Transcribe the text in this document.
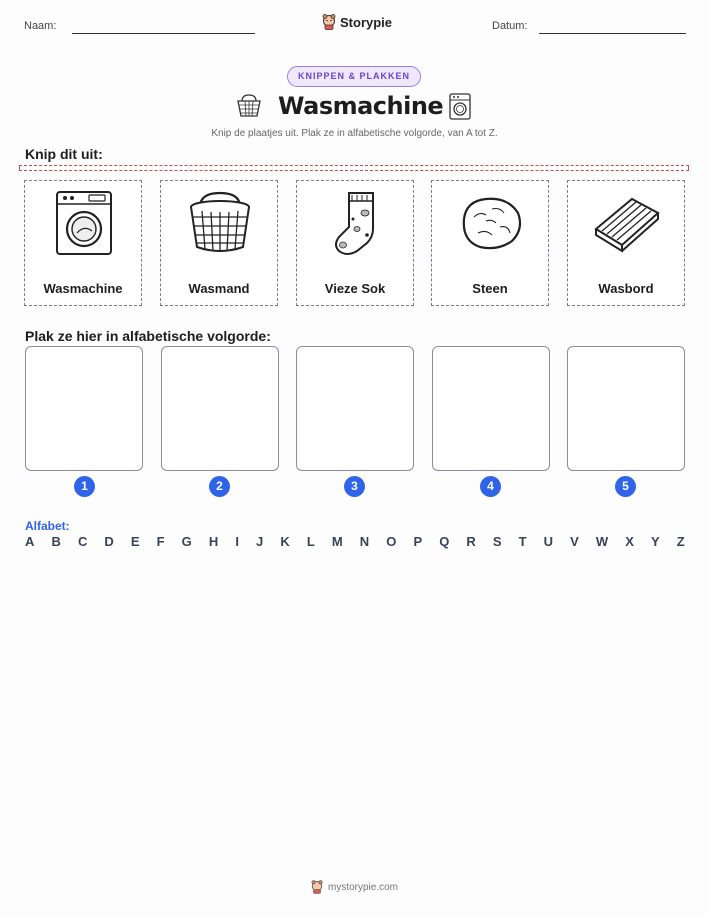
Naam:	Storypie	Datum:
KNIPPEN & PLAKKEN
Wasmachine
Knip de plaatjes uit. Plak ze in alfabetische volgorde, van A tot Z.
Knip dit uit:
Wasmachine	Wasmand	Vieze Sok	Steen	Wasbord
Plak ze hier in alfabetische volgorde:
1	2	3	4	5
Alfabet:
A B C D E F G H I J K L M N O P Q R S T U V W X Y Z
mystorypie.com
